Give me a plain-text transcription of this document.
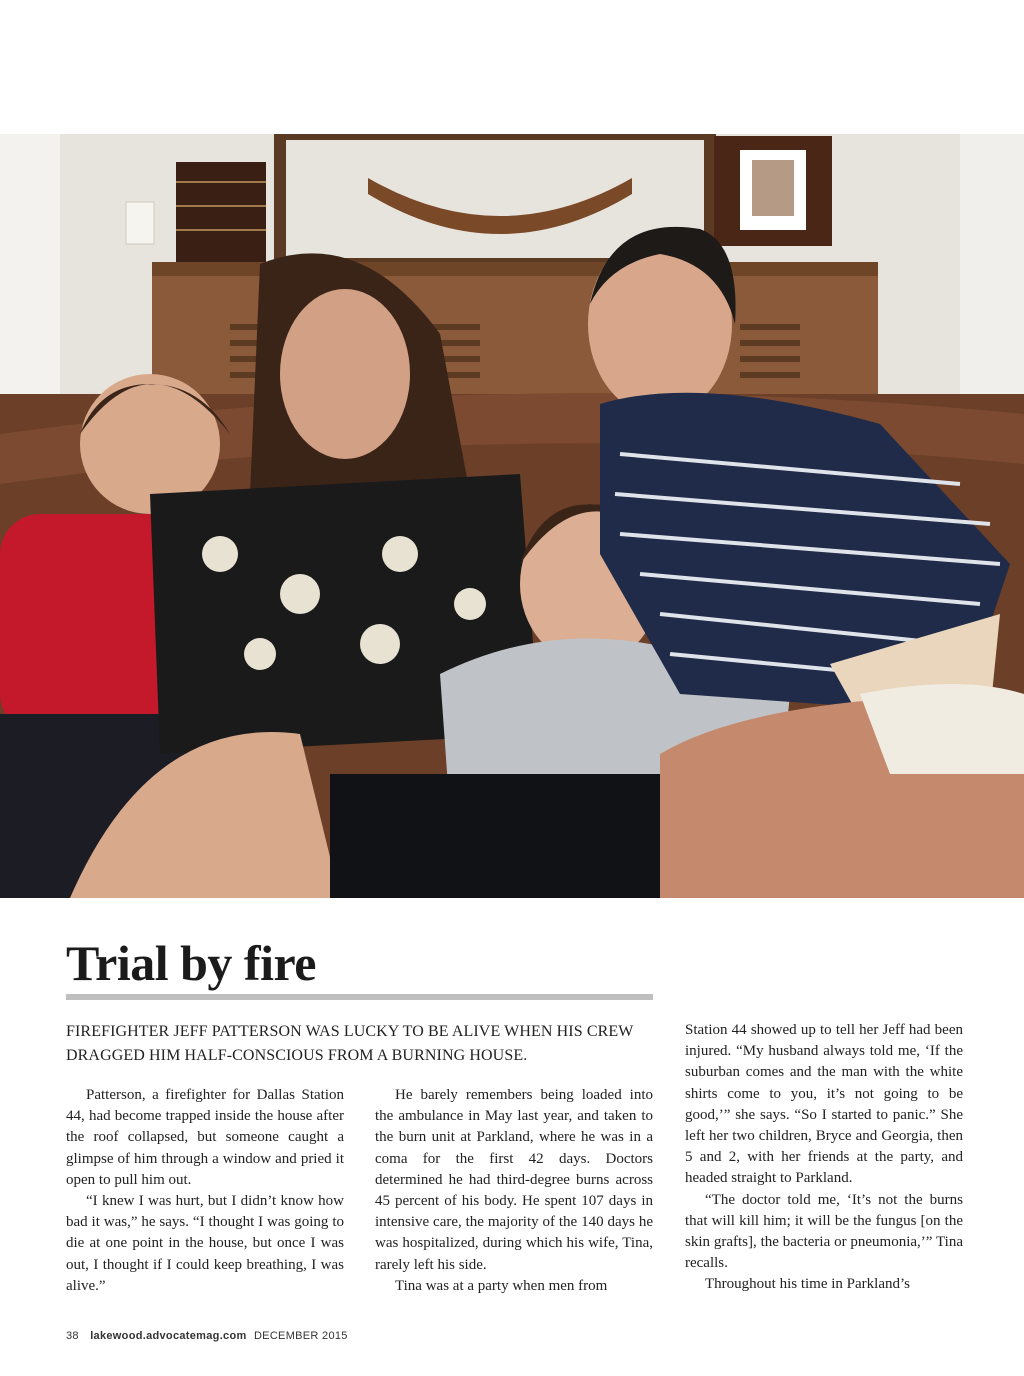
Trial by fire
FIREFIGHTER JEFF PATTERSON WAS LUCKY TO BE ALIVE WHEN HIS CREW DRAGGED HIM HALF-CONSCIOUS FROM A BURNING HOUSE.

Patterson, a firefighter for Dallas Station 44, had become trapped inside the house after the roof collapsed, but someone caught a glimpse of him through a window and pried it open to pull him out.

“I knew I was hurt, but I didn’t know how bad it was,” he says. “I thought I was going to die at one point in the house, but once I was out, I thought if I could keep breathing, I was alive.”

He barely remembers being loaded into the ambulance in May last year, and taken to the burn unit at Parkland, where he was in a coma for the first 42 days. Doctors determined he had third-degree burns across 45 percent of his body. He spent 107 days in intensive care, the majority of the 140 days he was hospitalized, during which his wife, Tina, rarely left his side.

Tina was at a party when men from

Station 44 showed up to tell her Jeff had been injured. “My husband always told me, ‘If the suburban comes and the man with the white shirts come to you, it’s not going to be good,’” she says. “So I started to panic.” She left her two children, Bryce and Georgia, then 5 and 2, with her friends at the party, and headed straight to Parkland.

“The doctor told me, ‘It’s not the burns that will kill him; it will be the fungus [on the skin grafts], the bacteria or pneumonia,’” Tina recalls.

Throughout his time in Parkland’s

38 lakewood.advocatemag.com DECEMBER 2015
